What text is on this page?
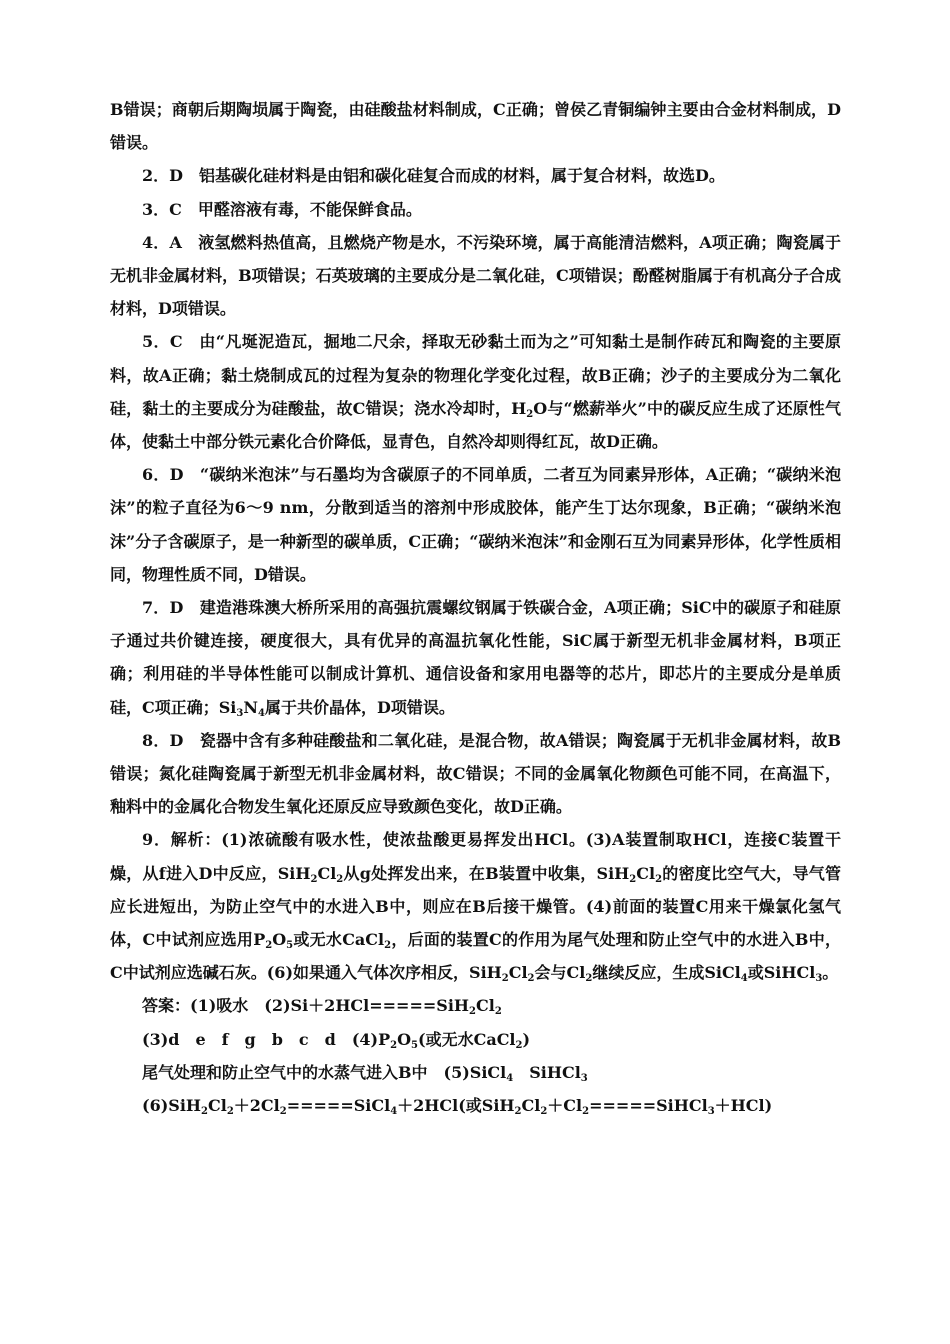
B错误；商朝后期陶埙属于陶瓷，由硅酸盐材料制成，C正确；曾侯乙青铜编钟主要由合金材料制成，D错误。

2．D　铝基碳化硅材料是由铝和碳化硅复合而成的材料，属于复合材料，故选D。

3．C　甲醛溶液有毒，不能保鲜食品。

4．A　液氢燃料热值高，且燃烧产物是水，不污染环境，属于高能清洁燃料，A项正确；陶瓷属于无机非金属材料，B项错误；石英玻璃的主要成分是二氧化硅，C项错误；酚醛树脂属于有机高分子合成材料，D项错误。

5．C　由“凡埏泥造瓦，掘地二尺余，择取无砂黏土而为之”可知黏土是制作砖瓦和陶瓷的主要原料，故A正确；黏土烧制成瓦的过程为复杂的物理化学变化过程，故B正确；沙子的主要成分为二氧化硅，黏土的主要成分为硅酸盐，故C错误；浇水冷却时，$H_2O$与“燃薪举火”中的碳反应生成了还原性气体，使黏土中部分铁元素化合价降低，显青色，自然冷却则得红瓦，故D正确。

6．D　“碳纳米泡沫”与石墨均为含碳原子的不同单质，二者互为同素异形体，A正确；“碳纳米泡沫”的粒子直径为6～9 nm，分散到适当的溶剂中形成胶体，能产生丁达尔现象，B正确；“碳纳米泡沫”分子含碳原子，是一种新型的碳单质，C正确；“碳纳米泡沫”和金刚石互为同素异形体，化学性质相同，物理性质不同，D错误。

7．D　建造港珠澳大桥所采用的高强抗震螺纹钢属于铁碳合金，A项正确；SiC中的碳原子和硅原子通过共价键连接，硬度很大，具有优异的高温抗氧化性能，SiC属于新型无机非金属材料，B项正确；利用硅的半导体性能可以制成计算机、通信设备和家用电器等的芯片，即芯片的主要成分是单质硅，C项正确；$Si_3N_4$属于共价晶体，D项错误。

8．D　瓷器中含有多种硅酸盐和二氧化硅，是混合物，故A错误；陶瓷属于无机非金属材料，故B错误；氮化硅陶瓷属于新型无机非金属材料，故C错误；不同的金属氧化物颜色可能不同，在高温下，釉料中的金属化合物发生氧化还原反应导致颜色变化，故D正确。

9．解析：(1)浓硫酸有吸水性，使浓盐酸更易挥发出HCl。(3)A装置制取HCl，连接C装置干燥，从f进入D中反应，$SiH_2Cl_2$从g处挥发出来，在B装置中收集，$SiH_2Cl_2$的密度比空气大，导气管应长进短出，为防止空气中的水进入B中，则应在B后接干燥管。(4)前面的装置C用来干燥氯化氢气体，C中试剂应选用$P_2O_5$或无水CaCl$_2$，后面的装置C的作用为尾气处理和防止空气中的水进入B中，C中试剂应选碱石灰。(6)如果通入气体次序相反，$SiH_2Cl_2$会与$Cl_2$继续反应，生成SiCl$_4$或SiHCl$_3$。

答案：(1)吸水　$(2)Si+2HCl=====SiH_2Cl_2$

(3)d　e　f　g　b　c　d　$(4)P_2O_5$(或无水CaCl$_2$)

尾气处理和防止空气中的水蒸气进入B中　(5)SiCl$_4$　SiHCl$_3$

$(6)SiH_2Cl_2+2Cl_2=====SiCl_4+2HCl$(或$SiH_2Cl_2+Cl_2=====SiHCl_3+HCl$)
